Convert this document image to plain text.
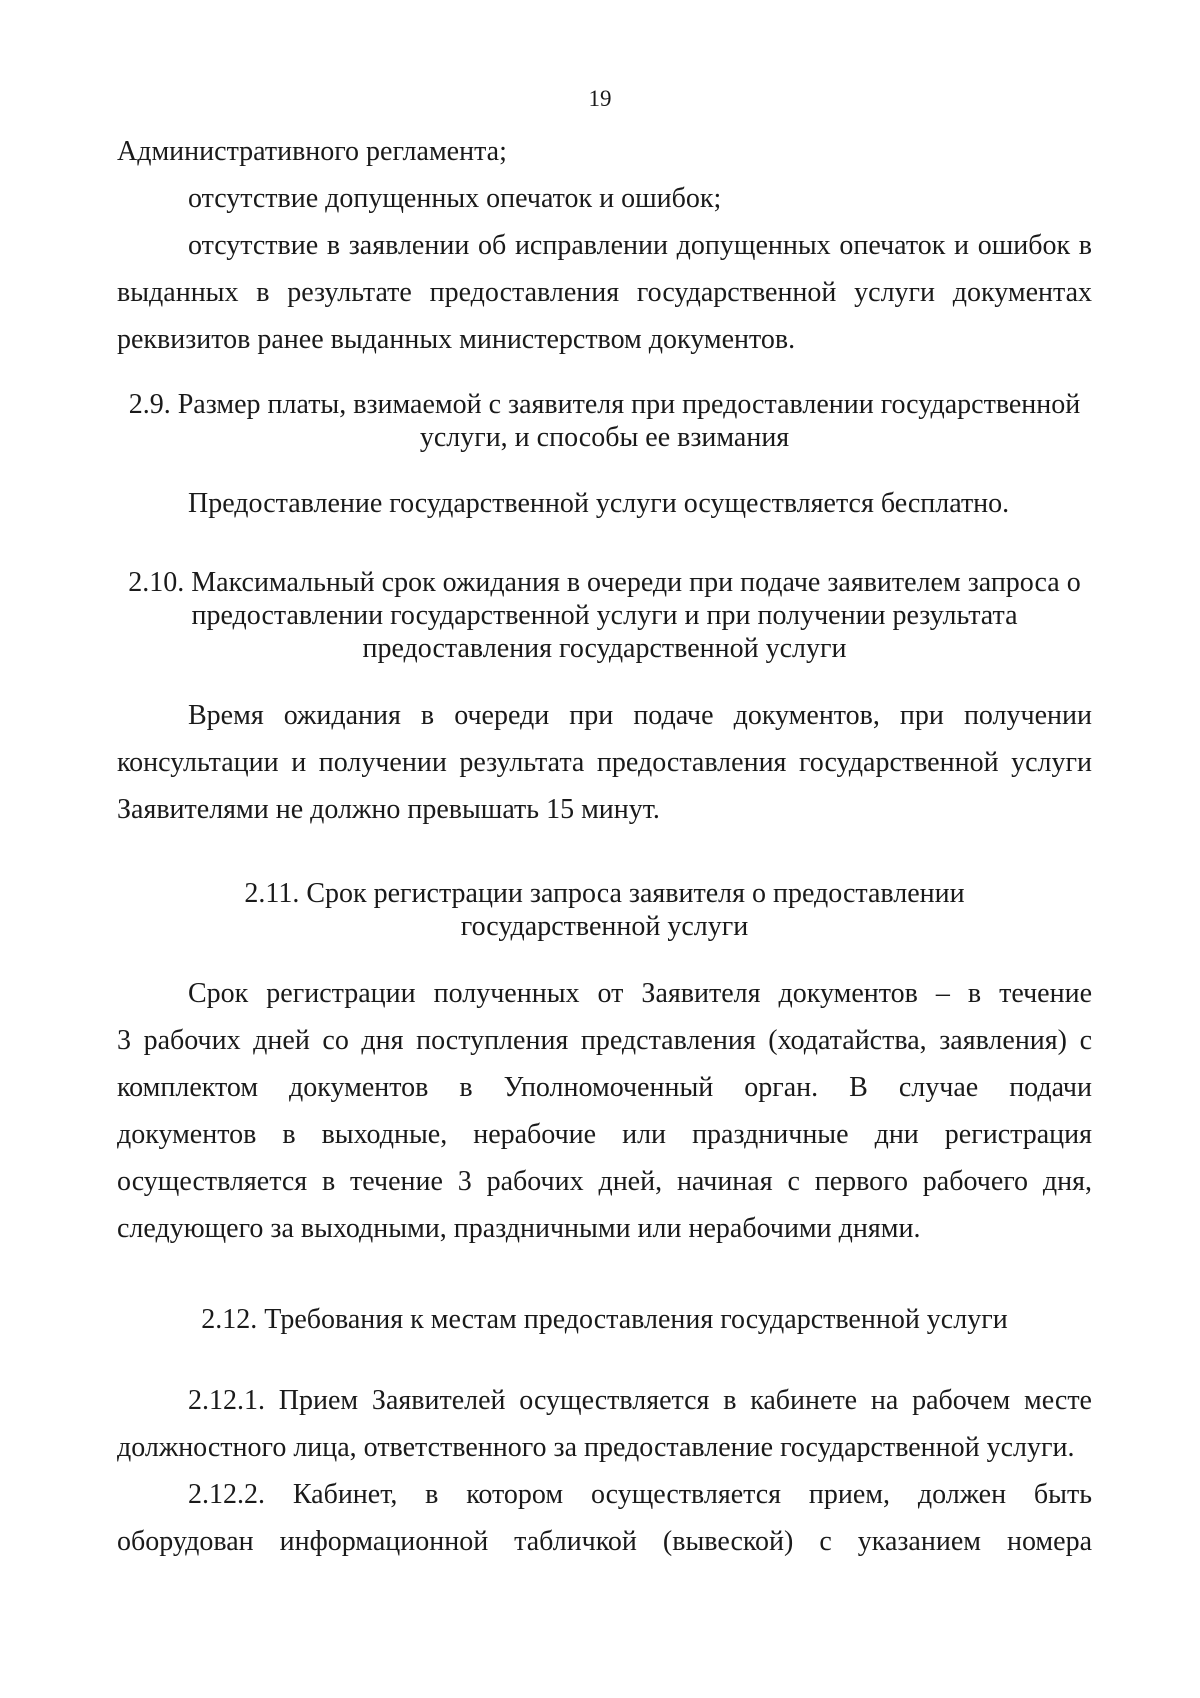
19
Административного регламента;
отсутствие допущенных опечаток и ошибок;
отсутствие в заявлении об исправлении допущенных опечаток и ошибок в
выданных в результате предоставления государственной услуги документах
реквизитов ранее выданных министерством документов.
2.9. Размер платы, взимаемой с заявителя при предоставлении государственной
услуги, и способы ее взимания
Предоставление государственной услуги осуществляется бесплатно.
2.10. Максимальный срок ожидания в очереди при подаче заявителем запроса о
предоставлении государственной услуги и при получении результата
предоставления государственной услуги
Время ожидания в очереди при подаче документов, при получении
консультации и получении результата предоставления государственной услуги
Заявителями не должно превышать 15 минут.
2.11. Срок регистрации запроса заявителя о предоставлении
государственной услуги
Срок регистрации полученных от Заявителя документов – в течение
3 рабочих дней со дня поступления представления (ходатайства, заявления) с
комплектом документов в Уполномоченный орган. В случае подачи
документов в выходные, нерабочие или праздничные дни регистрация
осуществляется в течение 3 рабочих дней, начиная с первого рабочего дня,
следующего за выходными, праздничными или нерабочими днями.
2.12. Требования к местам предоставления государственной услуги
2.12.1. Прием Заявителей осуществляется в кабинете на рабочем месте
должностного лица, ответственного за предоставление государственной услуги.
2.12.2. Кабинет, в котором осуществляется прием, должен быть
оборудован информационной табличкой (вывеской) с указанием номера
